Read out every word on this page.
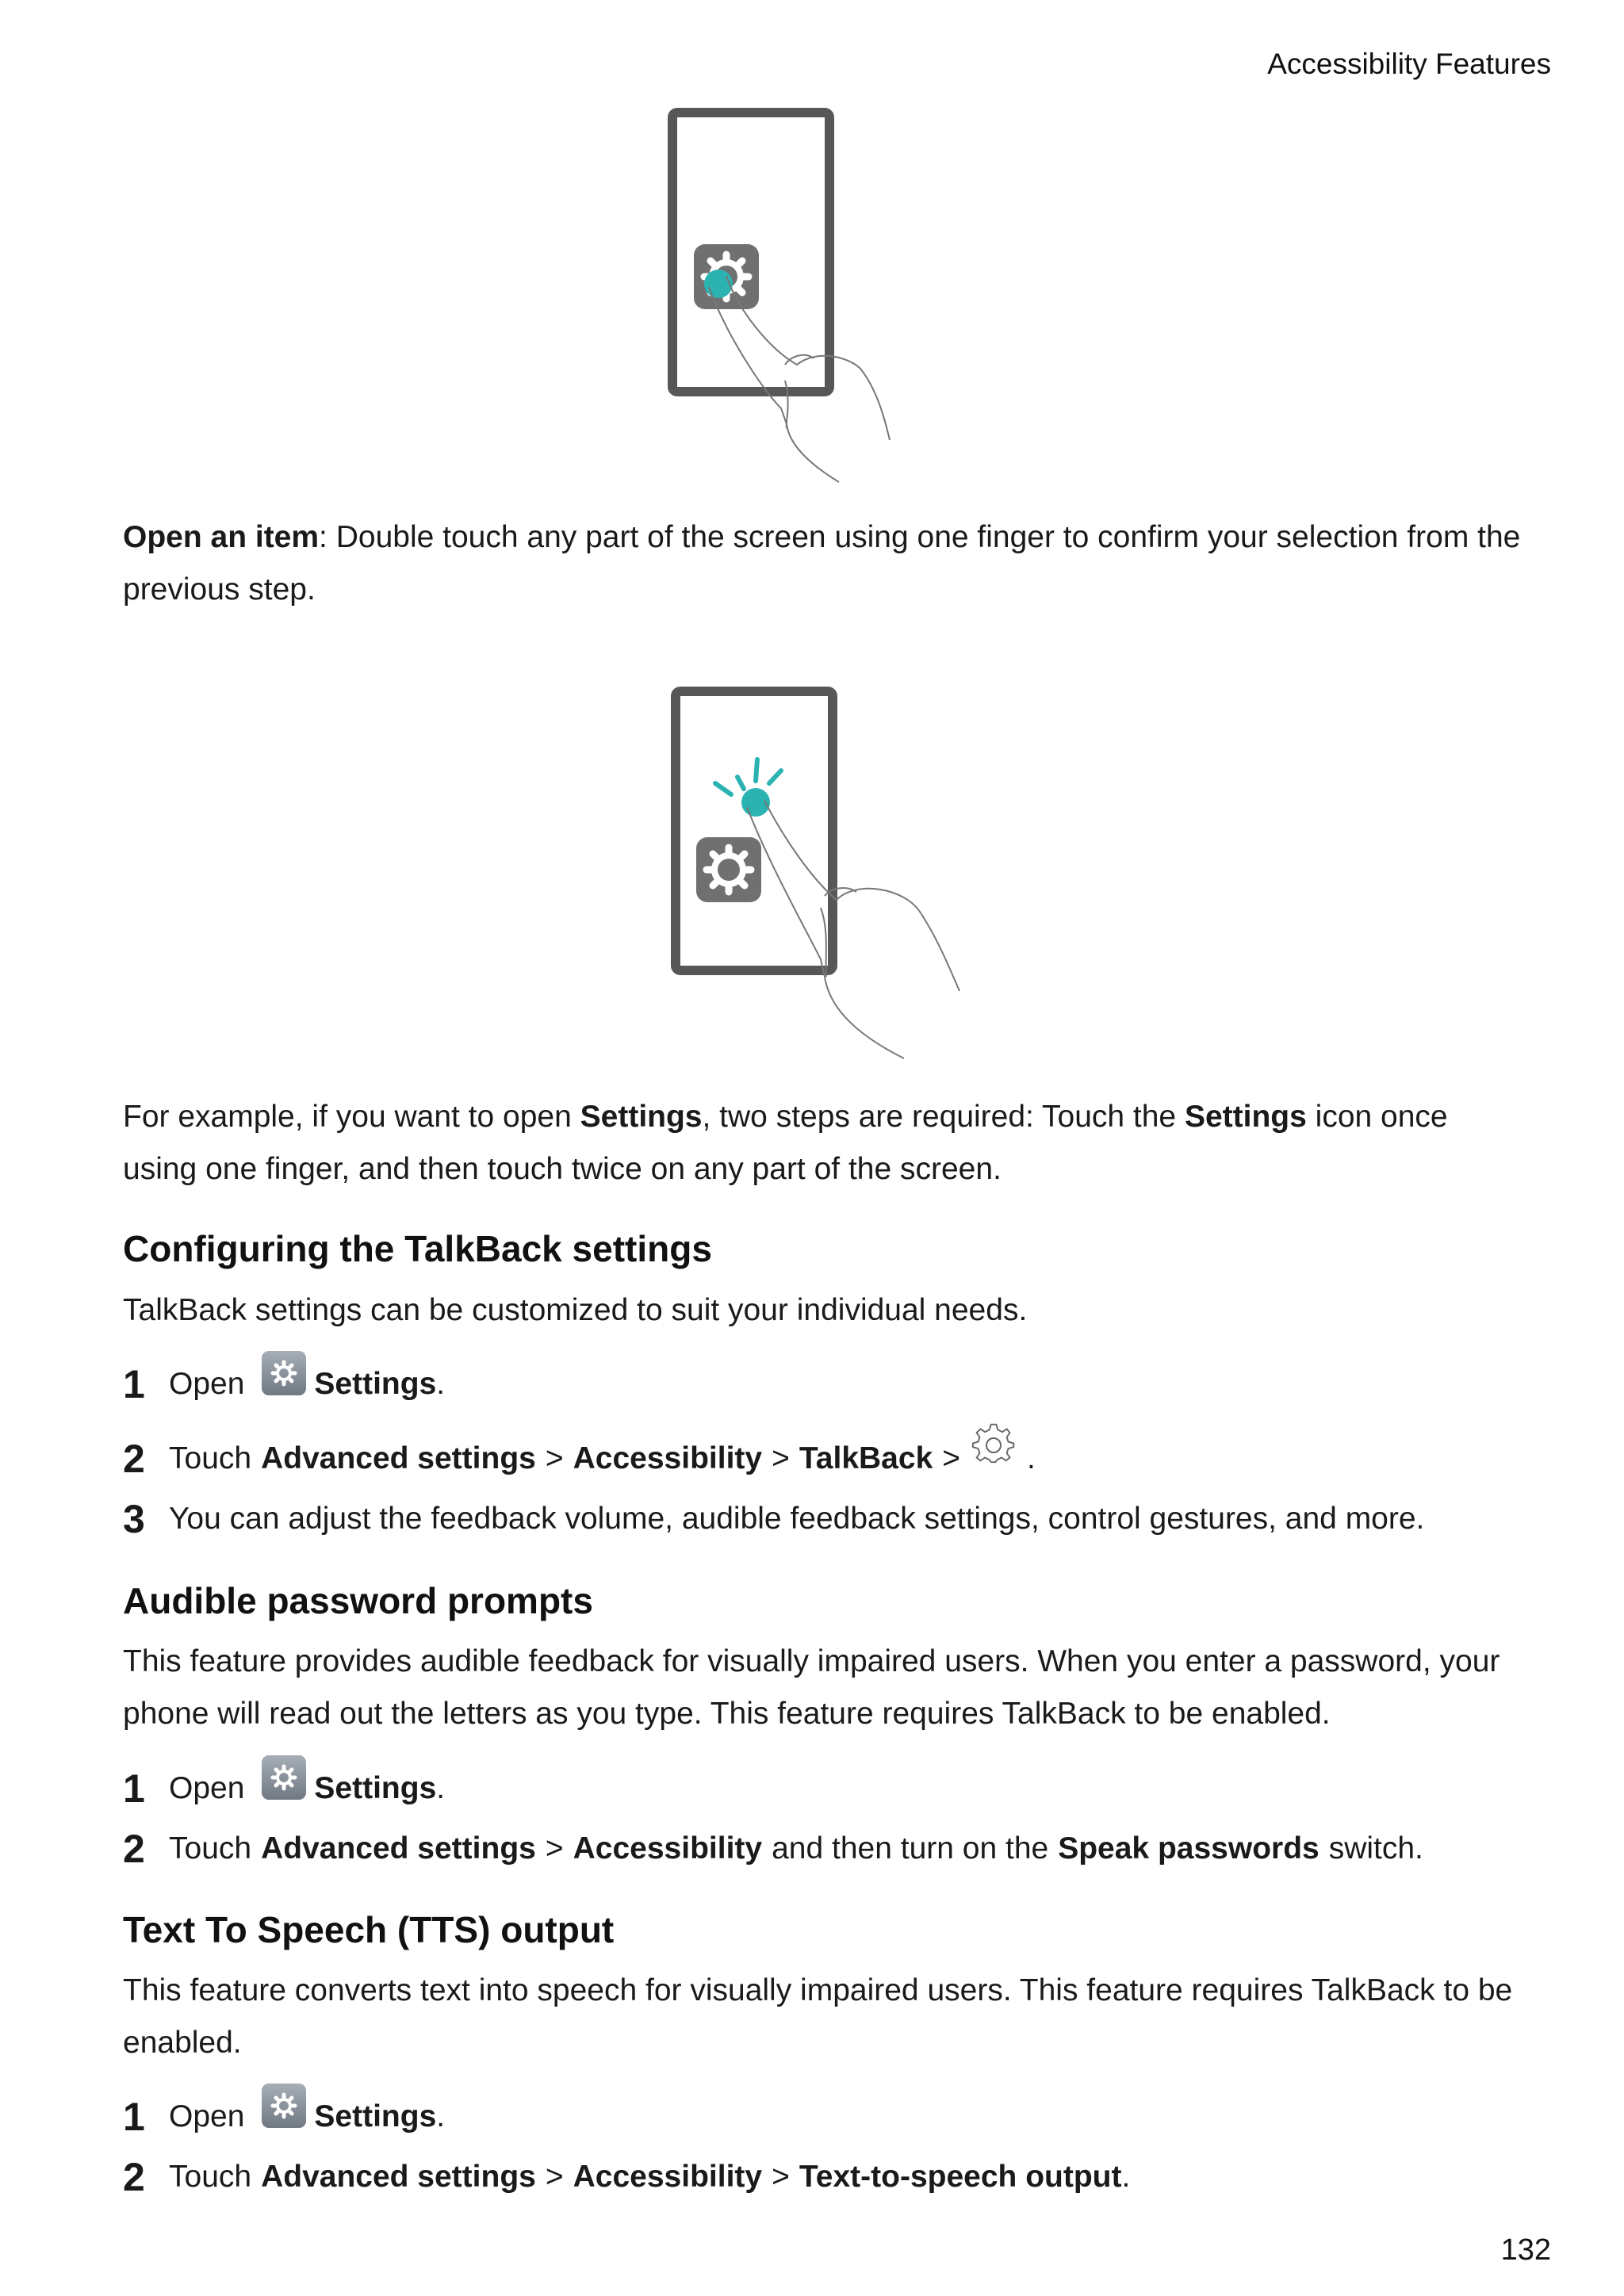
Accessibility Features
Open an item: Double touch any part of the screen using one finger to confirm your selection from the previous step.
For example, if you want to open Settings, two steps are required: Touch the Settings icon once using one finger, and then touch twice on any part of the screen.
Configuring the TalkBack settings
TalkBack settings can be customized to suit your individual needs.
1 Open Settings .
2 Touch Advanced settings > Accessibility > TalkBack > .
3 You can adjust the feedback volume, audible feedback settings, control gestures, and more.
Audible password prompts
This feature provides audible feedback for visually impaired users. When you enter a password, your phone will read out the letters as you type. This feature requires TalkBack to be enabled.
1 Open Settings .
2 Touch Advanced settings > Accessibility and then turn on the Speak passwords switch.
Text To Speech (TTS) output
This feature converts text into speech for visually impaired users. This feature requires TalkBack to be enabled.
1 Open Settings .
2 Touch Advanced settings > Accessibility > Text-to-speech output .
132
